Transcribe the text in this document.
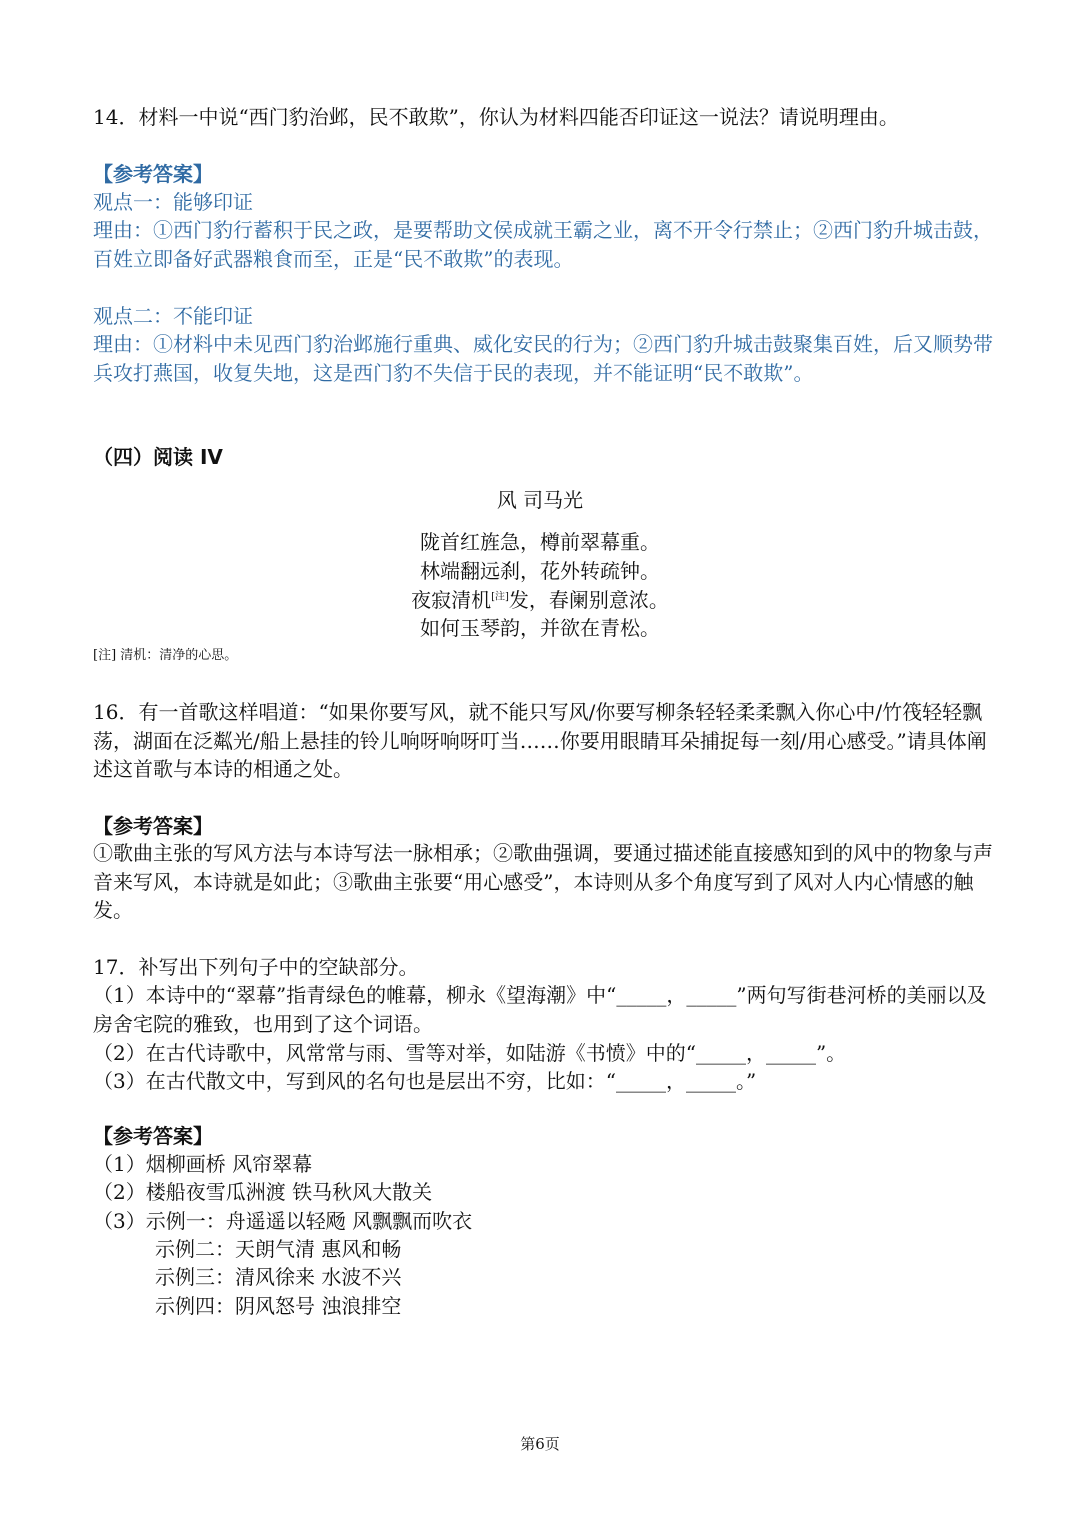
14．材料一中说“西门豹治邺，民不敢欺”，你认为材料四能否印证这一说法？请说明理由。
【参考答案】
观点一：能够印证
理由：①西门豹行蓄积于民之政，是要帮助文侯成就王霸之业，离不开令行禁止；②西门豹升城击鼓，百姓立即备好武器粮食而至，正是“民不敢欺”的表现。
观点二：不能印证
理由：①材料中未见西门豹治邺施行重典、威化安民的行为；②西门豹升城击鼓聚集百姓，后又顺势带兵攻打燕国，收复失地，这是西门豹不失信于民的表现，并不能证明“民不敢欺”。
（四）阅读 IV
风 司马光
陇首红旌急，樽前翠幕重。
林端翻远刹，花外转疏钟。
夜寂清机[注]发，春阑别意浓。
如何玉琴韵，并欲在青松。
[注] 清机：清净的心思。
16．有一首歌这样唱道：“如果你要写风，就不能只写风/你要写柳条轻轻柔柔飘入你心中/竹筏轻轻飘荡，湖面在泛粼光/船上悬挂的铃儿响呀响呀叮当……你要用眼睛耳朵捕捉每一刻/用心感受。”请具体阐述这首歌与本诗的相通之处。
【参考答案】
①歌曲主张的写风方法与本诗写法一脉相承；②歌曲强调，要通过描述能直接感知到的风中的物象与声音来写风，本诗就是如此；③歌曲主张要“用心感受”，本诗则从多个角度写到了风对人内心情感的触发。
17．补写出下列句子中的空缺部分。
（1）本诗中的“翠幕”指青绿色的帷幕，柳永《望海潮》中“_____，_____”两句写街巷河桥的美丽以及房舍宅院的雅致，也用到了这个词语。
（2）在古代诗歌中，风常常与雨、雪等对举，如陆游《书愤》中的“_____，_____”。
（3）在古代散文中，写到风的名句也是层出不穷，比如：“_____，_____。”
【参考答案】
（1）烟柳画桥 风帘翠幕
（2）楼船夜雪瓜洲渡 铁马秋风大散关
（3）示例一：舟遥遥以轻飏 风飘飘而吹衣
示例二：天朗气清 惠风和畅
示例三：清风徐来 水波不兴
示例四：阴风怒号 浊浪排空
第6页
